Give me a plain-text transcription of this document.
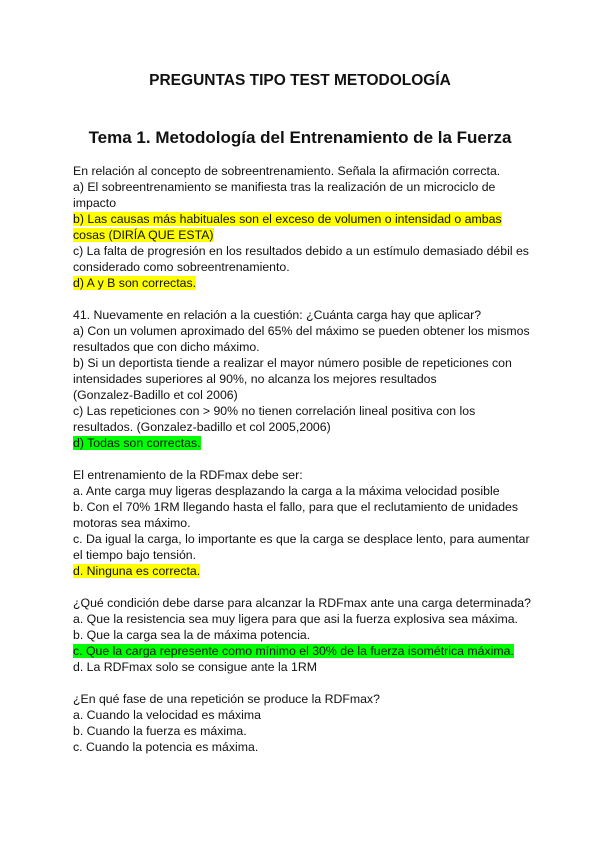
PREGUNTAS TIPO TEST METODOLOGÍA
Tema 1. Metodología del Entrenamiento de la Fuerza
En relación al concepto de sobreentrenamiento. Señala la afirmación correcta.
a) El sobreentrenamiento se manifiesta tras la realización de un microciclo de
impacto
b) Las causas más habituales son el exceso de volumen o intensidad o ambas
cosas (DIRÍA QUE ESTA)
c) La falta de progresión en los resultados debido a un estímulo demasiado débil es
considerado como sobreentrenamiento.
d) A y B son correctas.
41. Nuevamente en relación a la cuestión: ¿Cuánta carga hay que aplicar?
a) Con un volumen aproximado del 65% del máximo se pueden obtener los mismos
resultados que con dicho máximo.
b) Si un deportista tiende a realizar el mayor número posible de repeticiones con
intensidades superiores al 90%, no alcanza los mejores resultados
(Gonzalez-Badillo et col 2006)
c) Las repeticiones con > 90% no tienen correlación lineal positiva con los
resultados. (Gonzalez-badillo et col 2005,2006)
d) Todas son correctas.
El entrenamiento de la RDFmax debe ser:
a. Ante carga muy ligeras desplazando la carga a la máxima velocidad posible
b. Con el 70% 1RM llegando hasta el fallo, para que el reclutamiento de unidades
motoras sea máximo.
c. Da igual la carga, lo importante es que la carga se desplace lento, para aumentar
el tiempo bajo tensión.
d. Ninguna es correcta.
¿Qué condición debe darse para alcanzar la RDFmax ante una carga determinada?
a. Que la resistencia sea muy ligera para que asi la fuerza explosiva sea máxima.
b. Que la carga sea la de máxima potencia.
c. Que la carga represente como mínimo el 30% de la fuerza isométrica máxima.
d. La RDFmax solo se consigue ante la 1RM
¿En qué fase de una repetición se produce la RDFmax?
a. Cuando la velocidad es máxima
b. Cuando la fuerza es máxima.
c. Cuando la potencia es máxima.
